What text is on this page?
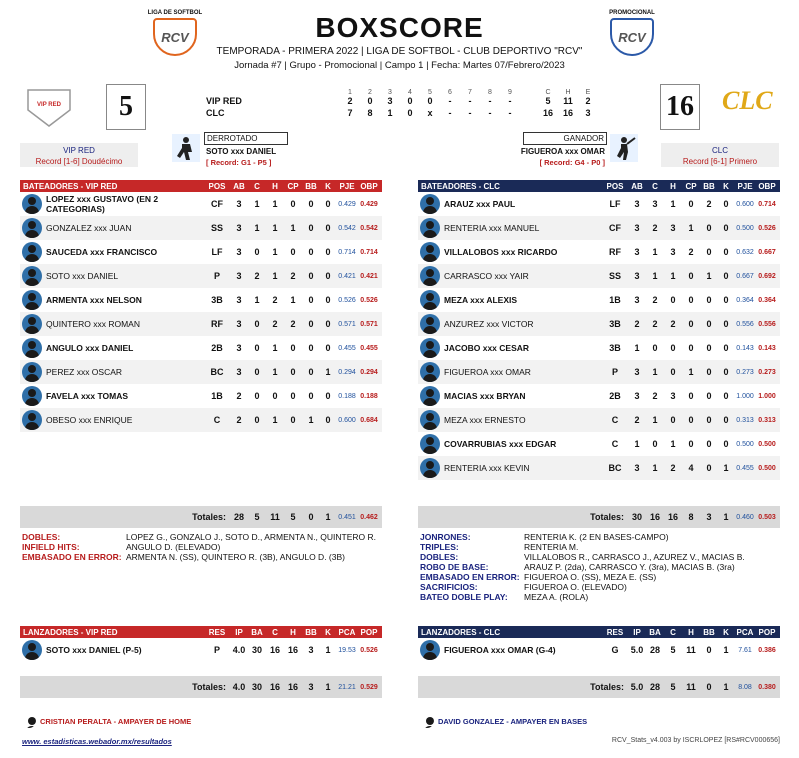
BOXSCORE
TEMPORADA - PRIMERA 2022 | LIGA DE SOFTBOL - CLUB DEPORTIVO "RCV"
Jornada #7 | Grupo - Promocional | Campo 1 | Fecha: Martes 07/Febrero/2023
LIGA DE SOFTBOL
RCV
PROMOCIONAL
RCV
VIP RED	5
VIP RED
Record [1-6] Doudécimo
16 CLC
CLC
Record [6-1] Primero
1 2 3 4 5 6 7 8 9	C H E
VIP RED	2 0 3 0 0 - - - -	5 11 2
CLC	7 8 1 0 x - - - -	16 16 3
DERROTADO
SOTO xxx DANIEL
[ Record: G1 - P5 ]
GANADOR
FIGUEROA xxx OMAR
[ Record: G4 - P0 ]
BATEADORES - VIP RED	POS AB	C	H	CP BB	K	PJE OBP
LOPEZ xxx GUSTAVO (EN 2 CATEGORIAS)	CF	3	1	1	0	0	0	0.429 0.429
GONZALEZ xxx JUAN	SS	3	1	1	1	0	0	0.542 0.542
SAUCEDA xxx FRANCISCO	LF	3	0	1	0	0	0	0.714 0.714
SOTO xxx DANIEL	P	3	2	1	2	0	0	0.421 0.421
ARMENTA xxx NELSON	3B	3	1	2	1	0	0	0.526 0.526
QUINTERO xxx ROMAN	RF	3	0	2	2	0	0	0.571 0.571
ANGULO xxx DANIEL	2B	3	0	1	0	0	0	0.455 0.455
PEREZ xxx OSCAR	BC	3	0	1	0	0	1	0.294 0.294
FAVELA xxx TOMAS	1B	2	0	0	0	0	0	0.188 0.188
OBESO xxx ENRIQUE	C	2	0	1	0	1	0	0.600 0.684
Totales: 28	5	11	5	0	1	0.451 0.462
BATEADORES - CLC	POS AB	C	H	CP BB	K	PJE OBP
ARAUZ xxx PAUL	LF	3	3	1	0	2	0	0.600 0.714
RENTERIA xxx MANUEL	CF	3	2	3	1	0	0	0.500 0.526
VILLALOBOS xxx RICARDO	RF	3	1	3	2	0	0	0.632 0.667
CARRASCO xxx YAIR	SS	3	1	1	0	1	0	0.667 0.692
MEZA xxx ALEXIS	1B	3	2	0	0	0	0	0.364 0.364
ANZUREZ xxx VICTOR	3B	2	2	2	0	0	0	0.556 0.556
JACOBO xxx CESAR	3B	1	0	0	0	0	0	0.143 0.143
FIGUEROA xxx OMAR	P	3	1	0	1	0	0	0.273 0.273
MACIAS xxx BRYAN	2B	3	2	3	0	0	0	1.000 1.000
MEZA xxx ERNESTO	C	2	1	0	0	0	0	0.313 0.313
COVARRUBIAS xxx EDGAR	C	1	0	1	0	0	0	0.500 0.500
RENTERIA xxx KEVIN	BC	3	1	2	4	0	1	0.455 0.500
Totales: 30 16 16	8	3	1	0.460 0.503
DOBLES:	LOPEZ G., GONZALO J., SOTO D., ARMENTA N., QUINTERO R.
INFIELD HITS:	ANGULO D. (ELEVADO)
EMBASADO EN ERROR: ARMENTA N. (SS), QUINTERO R. (3B), ANGULO D. (3B)
JONRONES:	RENTERIA K. (2 EN BASES-CAMPO)
TRIPLES:	RENTERIA M.
DOBLES:	VILLALOBOS R., CARRASCO J., AZUREZ V., MACIAS B.
ROBO DE BASE:	ARAUZ P. (2da), CARRASCO Y. (3ra), MACIAS B. (3ra)
EMBASADO EN ERROR: FIGUEROA O. (SS), MEZA E. (SS)
SACRIFICIOS:	FIGUEROA O. (ELEVADO)
BATEO DOBLE PLAY: MEZA A. (ROLA)
LANZADORES - VIP RED	RES	IP	BA	C	H	BB	K PCA POP
SOTO xxx DANIEL (P-5)	P	4.0 30 16 16	3	1	19.53 0.526
Totales: 4.0 30 16 16	3	1	21.21 0.529
LANZADORES - CLC	RES	IP	BA	C	H	BB	K PCA POP
FIGUEROA xxx OMAR (G-4)	G	5.0 28	5	11	0	1	7.61 0.386
Totales: 5.0 28	5	11	0	1	8.08 0.380
CRISTIAN PERALTA - AMPAYER DE HOME	DAVID GONZALEZ - AMPAYER EN BASES
www. estadisticas.webador.mx/resultados	RCV_Stats_v4.003 by ISCRLOPEZ [RS#RCV000656]
